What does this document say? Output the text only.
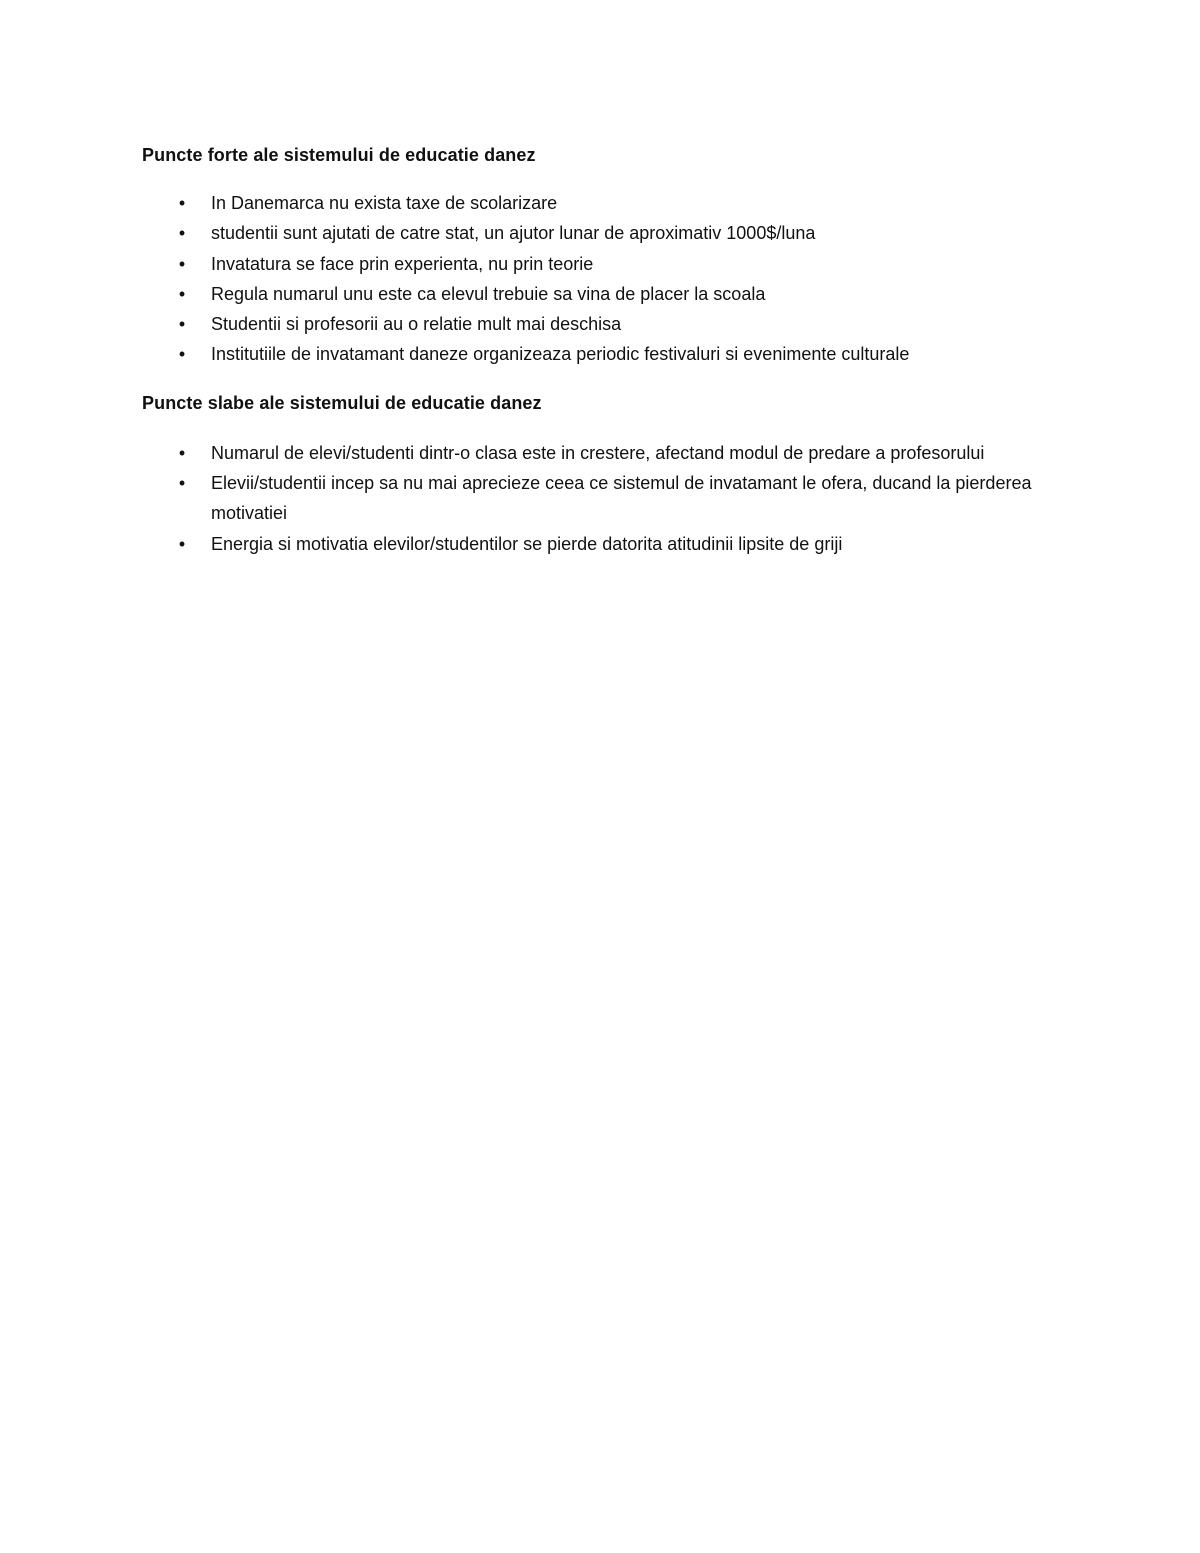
Puncte forte ale sistemului de educatie danez
• In Danemarca nu exista taxe de scolarizare
• studentii sunt ajutati de catre stat, un ajutor lunar de aproximativ 1000$/luna
• Invatatura se face prin experienta, nu prin teorie
• Regula numarul unu este ca elevul trebuie sa vina de placer la scoala
• Studentii si profesorii au o relatie mult mai deschisa
• Institutiile de invatamant daneze organizeaza periodic festivaluri si evenimente culturale
Puncte slabe ale sistemului de educatie danez
• Numarul de elevi/studenti dintr-o clasa este in crestere, afectand modul de predare a profesorului
• Elevii/studentii incep sa nu mai aprecieze ceea ce sistemul de invatamant le ofera, ducand la pierderea motivatiei
• Energia si motivatia elevilor/studentilor se pierde datorita atitudinii lipsite de griji
